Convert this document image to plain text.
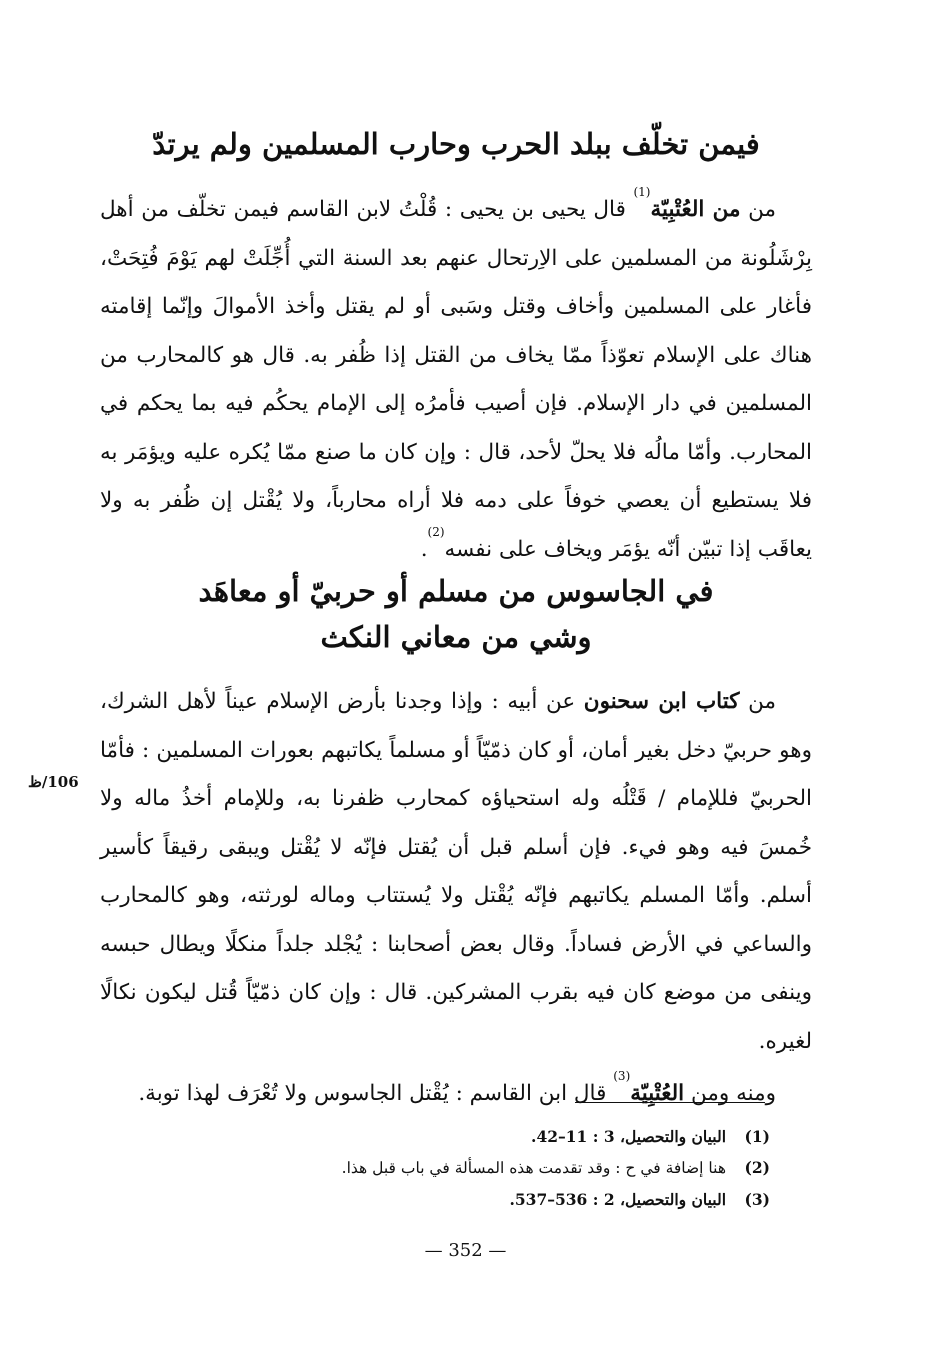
فيمن تخلّف ببلد الحرب وحارب المسلمين ولم يرتدّ

من من العُتْبِيّة$^{(1)}$ قال يحيى بن يحيى : قُلْتُ لابن القاسم فيمن تخلّف من أهل بِرْشَلُونة من المسلمين على الاِرتحال عنهم بعد السنة التي أُجِّلَتْ لهم يَوْمَ فُتِحَتْ، فأغار على المسلمين وأخاف وقتل وسَبى أو لم يقتل وأخذ الأموالَ وإنّما إقامته هناك على الإسلام تعوّذاً ممّا يخاف من القتل إذا ظُفر به. قال هو كالمحارب من المسلمين في دار الإسلام. فإن أصيب فأمرُه إلى الإمام يحكُم فيه بما يحكم في المحارب. وأمّا مالُه فلا يحلّ لأحد، قال : وإن كان ما صنع ممّا يُكره عليه ويؤمَر به فلا يستطيع أن يعصي خوفاً على دمه فلا أراه محارباً، ولا يُقْتل إن ظُفر به ولا يعاقَب إذا تبيّن أنّه يؤمَر ويخاف على نفسه$^{(2)}$.

في الجاسوس من مسلم أو حربيّ أو معاهَد
وشي من معاني النكث

من كتاب ابن سحنون عن أبيه : وإذا وجدنا بأرض الإسلام عيناً لأهل الشرك، وهو حربيّ دخل بغير أمان، أو كان ذمّيّاً أو مسلماً يكاتبهم بعورات المسلمين : فأمّا الحربيّ فللإمام / قَتْلُه وله استحياؤه كمحارب ظفرنا به، وللإمام أخذُ ماله ولا خُمسَ فيه وهو فيء. فإن أسلم قبل أن يُقتل فإنّه لا يُقْتل ويبقى رقيقاً كأسير أسلم. وأمّا المسلم يكاتبهم فإنّه يُقْتل ولا يُستتاب وماله لورثته، وهو كالمحارب والساعي في الأرض فساداً. وقال بعض أصحابنا : يُجْلد جلداً منكلًا ويطال حبسه وينفى من موضع كان فيه بقرب المشركين. قال : وإن كان ذمّيّاً قُتل ليكون نكالًا لغيره.

ومنه ومن العُتْبِيّة$^{(3)}$ قال ابن القاسم : يُقْتل الجاسوس ولا تُعْرَف لهذا توبة.

106/ظ
(1)البيان والتحصيل، 3 : 11–42.
(2)هنا إضافة في ح : وقد تقدمت هذه المسألة في باب قبل هذا.
(3)البيان والتحصيل، 2 : 536–537.
— 352 —
